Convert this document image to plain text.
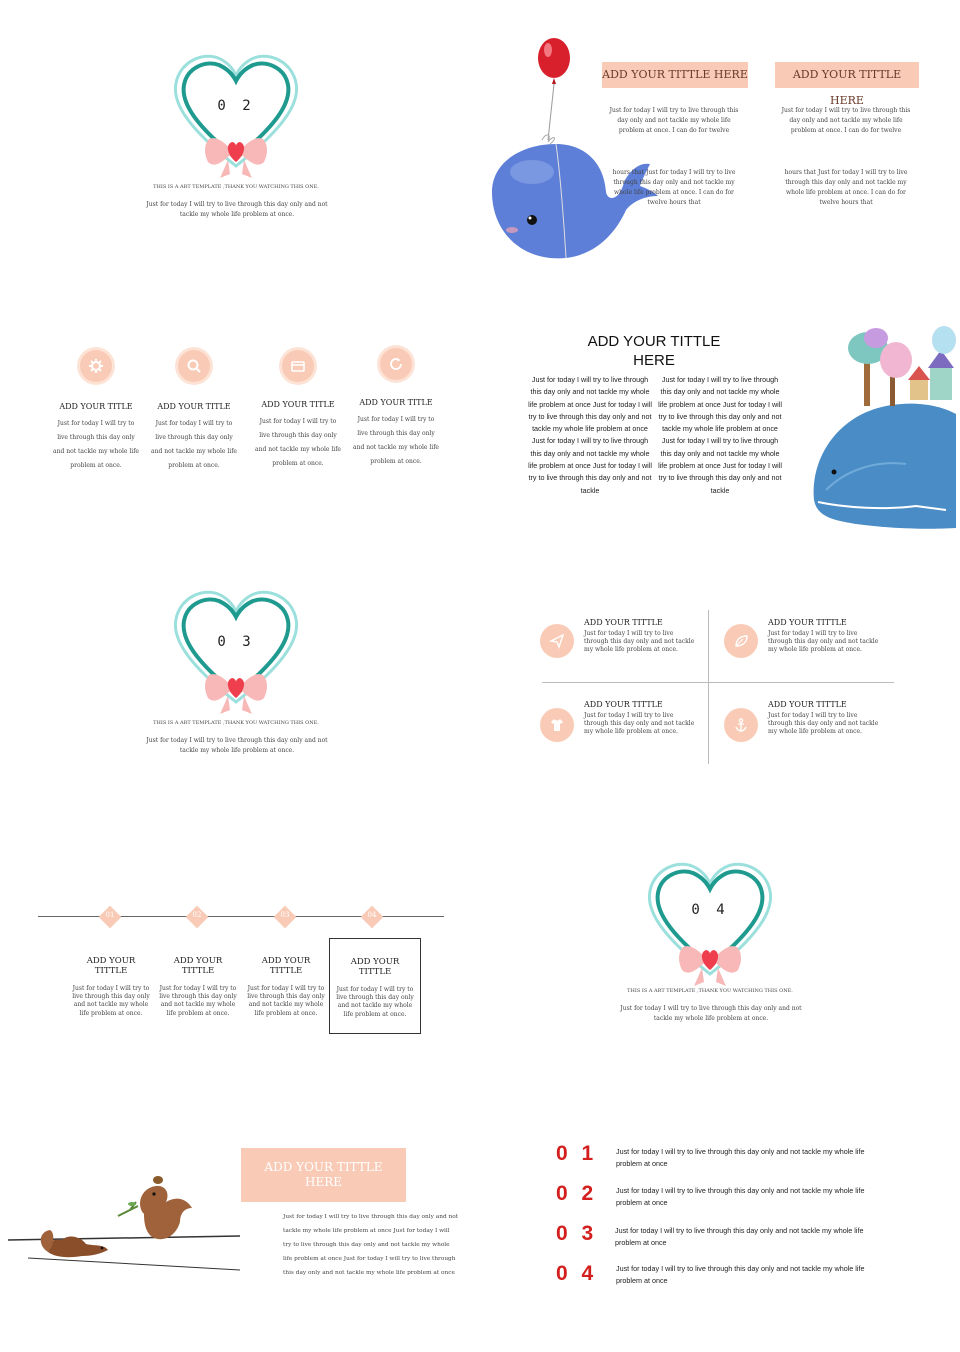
0 2
THIS IS A ART TEMPLATE ,THANK YOU WATCHING THIS ONE.
Just for today I will try to live through this day only and not tackle my whole life problem at once.
ADD YOUR TITTLE HERE	ADD YOUR TITTLE HERE
Just for today I will try to live through this day only and not tackle my whole life problem at once. I can do for twelve
hours that Just for today I will try to live through this day only and not tackle my whole life problem at once. I can do for twelve hours that
Just for today I will try to live through this day only and not tackle my whole life problem at once. I can do for twelve
hours that Just for today I will try to live through this day only and not tackle my whole life problem at once. I can do for twelve hours that
ADD YOUR TITLE
Just for today I will try to live through this day only and not tackle my whole life problem at once.
ADD YOUR TITLE
Just for today I will try to live through this day only and not tackle my whole life problem at once.
ADD YOUR TITLE
Just for today I will try to live through this day only and not tackle my whole life problem at once.
ADD YOUR TITLE
Just for today I will try to live through this day only and not tackle my whole life problem at once.
ADD YOUR TITTLE HERE
Just for today I will try to live through this day only and not tackle my whole life problem at once Just for today I will try to live through this day only and not tackle my whole life problem at once Just for today I will try to live through this day only and not tackle my whole life problem at once Just for today I will try to live through this day only and not tackle
Just for today I will try to live through this day only and not tackle my whole life problem at once Just for today I will try to live through this day only and not tackle my whole life problem at once Just for today I will try to live through this day only and not tackle my whole life problem at once Just for today I will try to live through this day only and not tackle
0 3
THIS IS A ART TEMPLATE ,THANK YOU WATCHING THIS ONE.
Just for today I will try to live through this day only and not tackle my whole life problem at once.
ADD YOUR TITTLE
Just for today I will try to live through this day only and not tackle my whole life problem at once.
ADD YOUR TITTLE
Just for today I will try to live through this day only and not tackle my whole life problem at once.
ADD YOUR TITTLE
Just for today I will try to live through this day only and not tackle my whole life problem at once.
ADD YOUR TITTLE
Just for today I will try to live through this day only and not tackle my whole life problem at once.
01	02	03	04
ADD YOUR TITTLE
Just for today I will try to live through this day only and not tackle my whole life problem at once.
ADD YOUR TITTLE
Just for today I will try to live through this day only and not tackle my whole life problem at once.
ADD YOUR TITTLE
Just for today I will try to live through this day only and not tackle my whole life problem at once.
ADD YOUR TITTLE
Just for today I will try to live through this day only and not tackle my whole life problem at once.
0 4
THIS IS A ART TEMPLATE ,THANK YOU WATCHING THIS ONE.
Just for today I will try to live through this day only and not tackle my whole life problem at once.
ADD YOUR TITTLE HERE
Just for today I will try to live through this day only and not tackle my whole life problem at once Just for today I will try to live through this day only and not tackle my whole life problem at once Just for today I will try to live through this day only and not tackle my whole life problem at once
0 1	Just for today I will try to live through this day only and not tackle my whole life problem at once
0 2	Just for today I will try to live through this day only and not tackle my whole life problem at once
0 3 Just for today I will try to live through this day only and not tackle my whole life problem at once
0 4	Just for today I will try to live through this day only and not tackle my whole life problem at once
